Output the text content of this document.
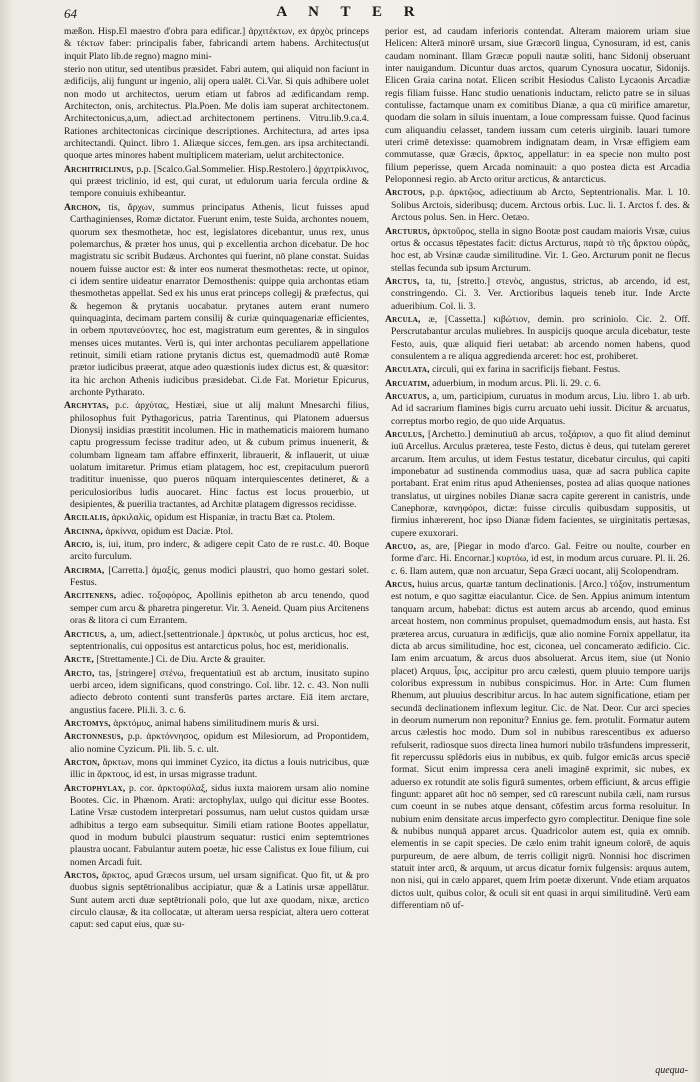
64	A N T E R

mæßon. Hisp.El maestro d'obra para edificar.] ἀρχιτέκτων, ex ἀρχὸς princeps & τέκτων faber: principalis faber, fabricandi artem habens. Architectus(ut inquit Plato lib.de regno) magno mini-

sterio non utitur, sed utentibus præsidet. Fabri autem, qui aliquid non faciunt in ædificijs, alij fungunt ur ingenio, alij opera ualēt. Ci.Var. Si quis adhibere uolet non modo ut architectos, uerum etiam ut fabros ad ædificandam remp. Architecton, onis, architectus. Pla.Poen. Me dolis iam superat architectonem. Architectonicus,a,um, adiect.ad architectonem pertinens. Vitru.lib.9.ca.4. Rationes architectonicas circinique descriptiones. Architectura, ad artes ipsa architectandi. Quinct. libro 1. Aliæque sicces, fem.gen. ars ipsa architectandi. quoque artes minores habent multiplicem materiam, uelut architectonice.

Architriclinus, p.p. [Scalco.Gal.Sommelier. Hisp.Restolero.] ἀρχιτρίκλινος, qui præest triclinio, id est, qui curat, ut edulorum uaria fercula ordine & tempore conuiuis exhibeantur.

Archon, tis, ἄρχων, summus principatus Athenis, licut fuisses apud Carthaginienses, Romæ dictator. Fuerunt enim, teste Suida, archontes nouem, quorum sex thesmothetæ, hoc est, legislatores dicebantur, unus rex, unus polemarchus, & præter hos unus, qui p excellentia archon dicebatur. De hoc magistratu sic scribit Budæus. Archontes qui fuerint, nō plane constat. Suidas nouem fuisse auctor est: & inter eos numerat thesmothetas: recte, ut opinor, ci idem sentire uideatur enarrator Demosthenis: quippe quia archontas etiam thesmothetas appellat. Sed ex his unus erat princeps collegij & præfectus, qui & hegemon & prytanis uocabatur. prytanes autem erant numero quinquaginta, decimam partem consilij & curiæ quinquagenariæ efficientes, in orbem πρυτανεύοντες, hoc est, magistratum eum gerentes, & in singulos menses uices mutantes. Verū is, qui inter archontas peculiarem appellatione retinuit, simili etiam ratione prytanis dictus est, quemadmodū autē Romæ prætor iudicibus præerat, atque adeo quæstionis iudex dictus est, & quæsitor: ita hic archon Athenis iudicibus præsidebat. Ci.de Fat. Morietur Epicurus, archonte Pytharato.

Archytas, p.c. ἀρχύτας, Hestiæi, siue ut alij malunt Mnesarchi filius, philosophus fuit Pythagoricus, patria Tarentinus, qui Platonem aduersus Dionysij insidias præstitit incolumen. Hic in mathematicis maiorem humano captu progressum fecisse traditur adeo, ut & cubum primus inuenerit, & columbam ligneam tam affabre effinxerit, librauerit, & inflauerit, ut uiuæ uolatum imitaretur. Primus etiam platagem, hoc est, crepitaculum puerorū tradititur inuenisse, quo pueros nūquam interquiescentes detineret, & a periculosioribus ludis auocaret. Hinc factus est locus prouerbio, ut desipientes, & puerilia tractantes, ad Architæ platagem digressos recidisse.

Arcilalis, ἀρκιλαλὶς, opidum est Hispaniæ, in tractu Bæt ca. Ptolem.

Arcinna, ἀρκίννα, opidum est Daciæ. Ptol.

Arcio, is, iui, itum, pro inderc, & adigere cepit Cato de re rust.c. 40. Boque arcito furculum.

Arcirma, [Carretta.] ἁμαξίς, genus modici plaustri, quo homo gestari solet. Festus.

Arcitenens, adiec. τοξοφόρος, Apollinis epitheton ab arcu tenendo, quod semper cum arcu & pharetra pingeretur. Vir. 3. Aeneid. Quam pius Arcitenens oras & litora ci cum Errantem.

Arcticus, a, um, adiect.[settentrionale.] ἀρκτικὸς, ut polus arcticus, hoc est, septentrionalis, cui oppositus est antarcticus polus, hoc est, meridionalis.

Arcte, [Strettamente.] Ci. de Diu. Arcte & grauiter.

Arcto, tas, [stringere] στένω, frequentatiuū est ab arctum, inusitato supino uerbi arceo, idem significans, quod constringo. Col. libr. 12. c. 43. Non nulli adiecto debroto contenti sunt transferūs partes arctare. Eiā item arctare, angustius facere. Pli.li. 3. c. 6.

Arctomys, ἀρκτόμυς, animal habens similitudinem muris & ursi.

Arctonnesus, p.p. ἀρκτόννησος, opidum est Milesiorum, ad Propontidem, alio nomine Cyzicum. Pli. lib. 5. c. ult.

Arcton, ἄρκτων, mons qui imminet Cyzico, ita dictus a Iouis nutricibus, quæ illic in ἄρκτους, id est, in ursas migrasse tradunt.

Arctophylax, p. cor. ἀρκτοφύλαξ, sidus iuxta maiorem ursam alio nomine Bootes. Cic. in Phænom. Arati: arctophylax, uulgo qui dicitur esse Bootes. Latine Vrsæ custodem interpretari possumus, nam uelut custos quidam ursæ adhibitus a tergo eam subsequitur. Simili etiam ratione Bootes appellatur, quod in modum bubulci plaustrum sequatur: rustici enim septemtriones plaustra uocant. Fabulantur autem poetæ, hic esse Calistus ex Ioue filium, cui nomen Arcadi fuit.

Arctos, ἄρκτος, apud Græcos ursum, uel ursam significat. Quo fit, ut & pro duobus signis septētrionalibus accipiatur, quæ & a Latinis ursæ appellātur. Sunt autem arcti duæ septētrionali polo, que lut axe quodam, nixæ, arctico circulo clausæ, & ita collocatæ, ut alteram uersa respiciat, altera uero cotterat caput: sed caput eius, quæ su-

perior est, ad caudam inferioris contendat. Alteram maiorem uriam siue Helicen: Alterā minorē ursam, siue Græcorū lingua, Cynosuram, id est, canis caudam nominant. Illam Græcæ populi nautæ soliti, hanc Sidonij obseruant inter nauigandum. Dicuntur duas arctos, quarum Cynosura uocatur, Sidonijs. Elicen Graia carina notat. Elicen scribit Hesiodus Calisto Lycaonis Arcadiæ regis filiam fuisse. Hanc studio uenationis inductam, relicto patre se in siluas contulisse, factamque unam ex comitibus Dianæ, a qua cū mirifice amaretur, quodam die solam in siluis inuentam, a Ioue compressam fuisse. Quod facinus cum aliquandiu celasset, tandem iussam cum ceteris uirginib. lauari tumore uteri crimē detexisse: quamobrem indignatam deam, in Vrsæ effigiem eam commutasse, quæ Græcis, ἄρκτος, appellatur: in ea specie non multo post filium peperisse, quem Arcada nominauit: a quo postea dicta est Arcadia Peloponnesi regio. ab Arcto oritur arcticus, & antarcticus.

Arctous, p.p. ἀρκτῷος, adiectiuum ab Arcto, Septentrionalis. Mar. l. 10. Solibus Arctois, sideribusq; ducem. Arctous orbis. Luc. li. 1. Arctos f. des. & Arctous polus. Sen. in Herc. Oetæo.

Arcturus, ἀρκτοῦρος, stella in signo Bootæ post caudam maioris Vrsæ, cuius ortus & occasus tēpestates facit: dictus Arcturus, παρὰ τὸ τῆς ἄρκτου οὐρᾶς, hoc est, ab Vrsinæ caudæ similitudine. Vir. 1. Geo. Arcturum ponit ne flecus stellas fecunda sub ipsum Arcturum.

Arctus, ta, tu, [stretto.] στενὸς, angustus, strictus, ab arcendo, id est, constringendo. Ci. 3. Ver. Arctioribus laqueis teneb itur. Inde Arcte adueribium. Col. li. 3.

Arcula, æ, [Cassetta.] κιβώτιον, demin. pro scriniolo. Cic. 2. Off. Perscrutabantur arculas muliebres. In auspicijs quoque arcula dicebatur, teste Festo, auis, quæ aliquid fieri uetabat: ab arcendo nomen habens, quod consulentem a re aliqua aggredienda arceret: hoc est, prohiberet.

Arculata, circuli, qui ex farina in sacrificijs fiebant. Festus.

Arcuatim, aduerbium, in modum arcus. Pli. li. 29. c. 6.

Arcuatus, a, um, participium, curuatus in modum arcus, Liu. libro 1. ab urb. Ad id sacrarium flamines bigis curru arcuato uehi iussit. Dicitur & arcuatus, correptus morbo regio, de quo uide Arquatus.

Arculus, [Archetto.] deminutiuū ab arcus, τοξάριον, a quo fit aliud deminut iuū Arcellus. Arculus præterea, teste Festo, dictus è deus, qui tutelam gereret arcarum. Item arculus, ut idem Festus testatur, dicebatur circulus, qui capiti imponebatur ad sustinenda commodius uasa, quæ ad sacra publica capite portabant. Erat enim ritus apud Athenienses, postea ad alias quoque nationes translatus, ut uirgines nobiles Dianæ sacra capite gererent in canistris, unde Canephoræ, κανηφόροι, dictæ: fuisse circulis quibusdam suppositis, ut firmius inhærerent, hoc ipso Dianæ fidem facientes, se uirginitatis pertæsas, cupere exuxorari.

Arcuo, as, are, [Piegar in modo d'arco. Gal. Feitre ou noulte, courber en forme d'arc. Hi. Encornar.] κυρτόω, id est, in modum arcus curuare. Pl. li. 26. c. 6. Ilam autem, quæ non arcuatur, Sepa Græci uocant, alij Scolopendram.

Arcus, huius arcus, quartæ tantum declinationis. [Arco.] τόξον, instrumentum est notum, e quo sagittæ eiaculantur. Cice. de Sen. Appius animum intentum tanquam arcum, habebat: dictus est autem arcus ab arcendo, quod eminus arceat hostem, non comminus propulset, quemadmodum ensis, aut hasta. Est præterea arcus, curuatura in ædificijs, quæ alio nomine Fornix appellatur, ita dicta ab arcus similitudine, hoc est, ciconea, uel concamerato ædificio. Cic. Iam enim arcuatum, & arcus duos absoluerat. Arcus item, siue (ut Nonio placet) Arquus, ἶρις, accipitur pro arcu cælesti, quem pluuio tempore uarijs coloribus expressum in nubibus conspicimus. Hor. in Arte: Cum flumen Rhenum, aut pluuius describitur arcus. In hac autem significatione, etiam per secundā declinationem inflexum legitur. Cic. de Nat. Deor. Cur arci species in deorum numerum non reponitur? Ennius ge. fem. protulit. Formatur autem arcus cælestis hoc modo. Dum sol in nubibus rarescentibus ex aduerso refulserit, radiosque suos directa linea humori nubilo trāsfundens impresserit, fit repercussu splēdoris eius in nubibus, ex quib. fulgor emicās arcus speciē format. Sicut enim impressa cera aneli imaginē exprimit, sic nubes, ex aduerso ex rotundit ate solis figurā sumentes, orbem efficiunt, & arcus effigie fingunt: apparet aūt hoc nō semper, sed cū rarescunt nubila cæli, nam rursus cum coeunt in se nubes atque densant, cōfestim arcus forma resoluitur. In nubium enim densitate arcus imperfecto gyro complectitur. Denique fine sole & nubibus nunquā apparet arcus. Quadricolor autem est, quia ex omnib. elementis in se capit species. De cælo enim trahit igneum colorē, de aquis purpureum, de aere album, de terris colligit nigrū. Nonnisi hoc discrimen statuit inter arcū, & arquum, ut arcus dicatur fornix fulgensis: arquus autem, non nisi, qui in cælo apparet, quem Irim poetæ dixerunt. Vnde etiam arquatos dictos uult, quibus color, & oculi sit ent quasi in arqui similitudinē. Verū eam differentiam nō uf-

quequa-
